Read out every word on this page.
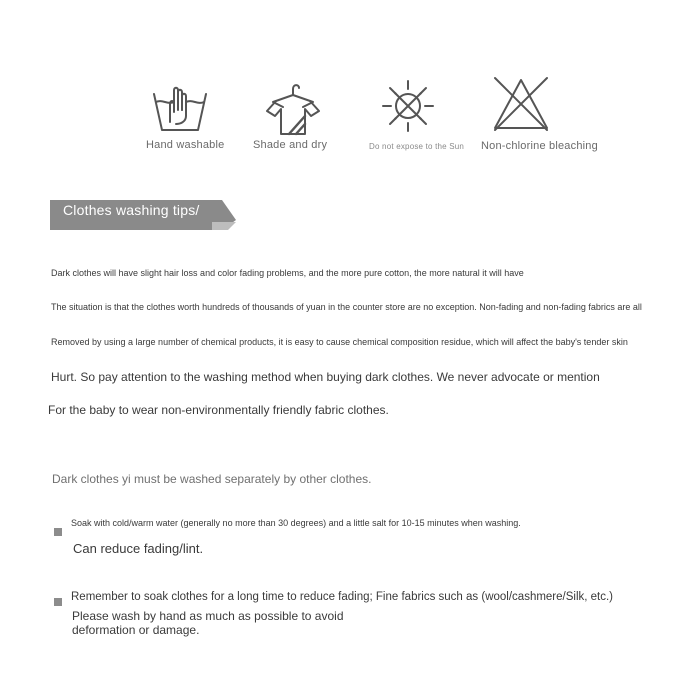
Hand washable	Shade and dry	Do not expose to the Sun Non-chlorine bleaching
Clothes washing tips/
Dark clothes will have slight hair loss and color fading problems, and the more pure cotton, the more natural it will have
The situation is that the clothes worth hundreds of thousands of yuan in the counter store are no exception. Non-fading and non-fading fabrics are all
Removed by using a large number of chemical products, it is easy to cause chemical composition residue, which will affect the baby's tender skin
Hurt. So pay attention to the washing method when buying dark clothes. We never advocate or mention
For the baby to wear non-environmentally friendly fabric clothes.
Dark clothes yi must be washed separately by other clothes.
Soak with cold/warm water (generally no more than 30 degrees) and a little salt for 10-15 minutes when washing.
Can reduce fading/lint.
Remember to soak clothes for a long time to reduce fading; Fine fabrics such as (wool/cashmere/Silk, etc.)
Please wash by hand as much as possible to avoid
deformation or damage.
